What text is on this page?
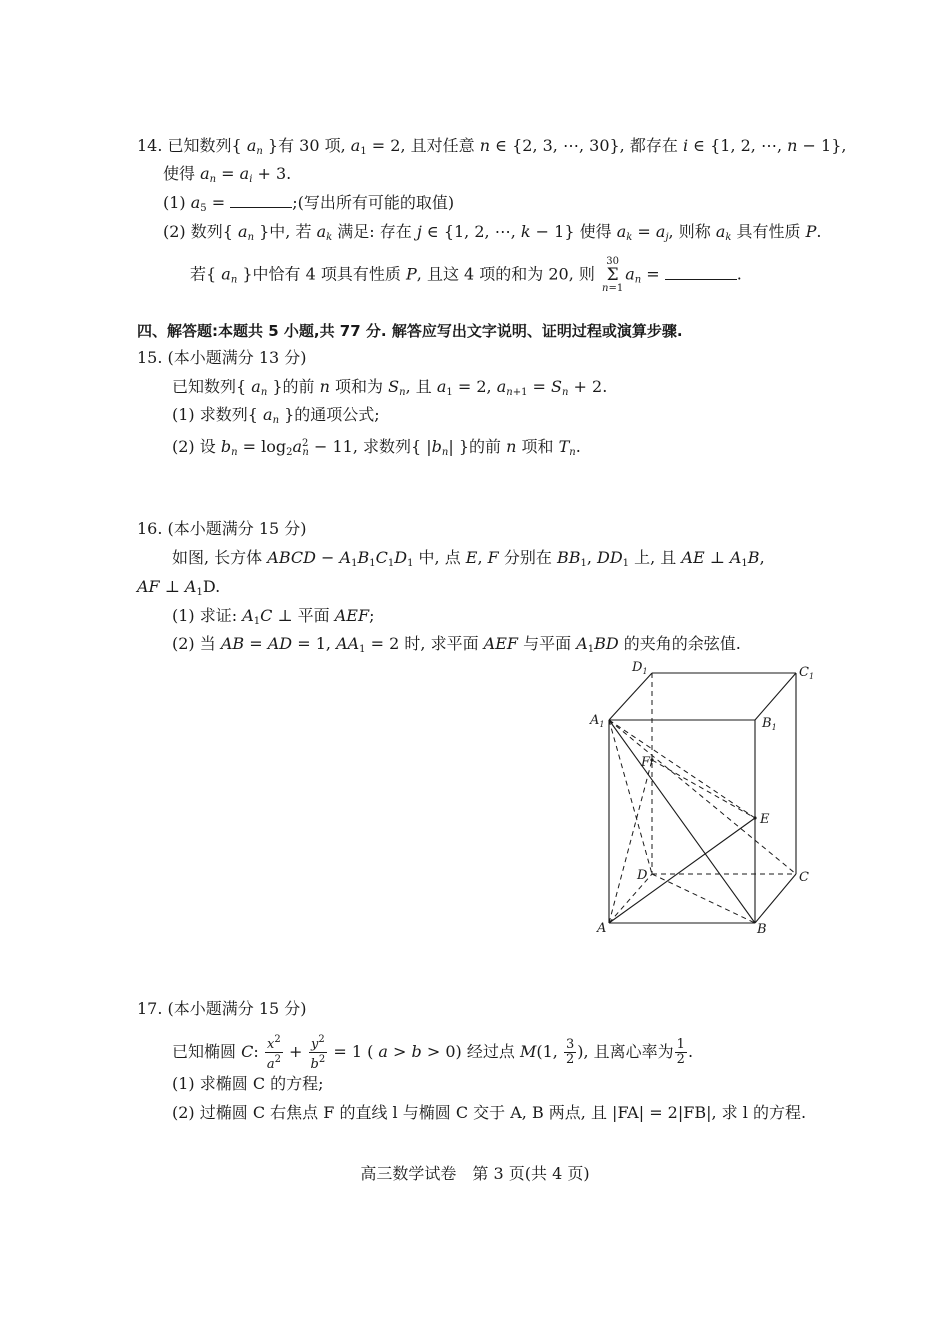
14. 已知数列{ $a_n$ }有 30 项, $a_1 = 2$, 且对任意 n ∈ {2, 3, ⋯, 30}, 都存在 i ∈ {1, 2, ⋯, n − 1},
使得 $a_n = a_i + 3$.
(1) $a_5$ =	;(写出所有可能的取值)
(2) 数列{ $a_n$ }中, 若 $a_k$ 满足: 存在 j ∈ {1, 2, ⋯, k − 1} 使得 $a_k = a_j$, 则称 $a_k$ 具有性质 P.
若{ $a_n$ }中恰有 4 项具有性质 P, 且这 4 项的和为 20, 则 30
Σ
$n=1a_n$ =	.
四、解答题:本题共 5 小题,共 77 分. 解答应写出文字说明、证明过程或演算步骤.
15. (本小题满分 13 分)
已知数列{ $a_n$ }的前 n 项和为 $S_n$, 且 $a_1 = 2$, $a_{n+1} = S_n + 2$.
(1) 求数列{ $a_n$ }的通项公式;
(2) 设 $b_n = \log_2a^2_n - 11$, 求数列{ $|b_n|$ }的前 n 项和 $T_n$.
16. (本小题满分 15 分)
如图, 长方体 ABCD − $A_1B_1C_1D_1$ 中, 点 E, F 分别在 $BB_1$, $DD_1$ 上, 且 AE ⊥ $A_1B$,
AF ⊥ $A_1D$.
(1) 求证: $A_1C$ ⊥ 平面 AEF;
(2) 当 AB = AD = 1, $AA_1 = 2$ 时, 求平面 AEF 与平面 $A_1BD$ 的夹角的余弦值.
$D_1$	$C_1$
$A_1$	$B_1$
F
E
D	C
A	B
17. (本小题满分 15 分)
已知椭圆 C: $\frac{x^2}{a^2} + \frac{y^2}{b^2} = 1$ ( a > b > 0) 经过点 M(1, $\frac{3}{2}$ ), 且离心率为 $\frac{1}{2}$ .
(1) 求椭圆 C 的方程;
(2) 过椭圆 C 右焦点 F 的直线 l 与椭圆 C 交于 A, B 两点, 且 |FA| = 2|FB|, 求 l 的方程.
高三数学试卷　第 3 页(共 4 页)
